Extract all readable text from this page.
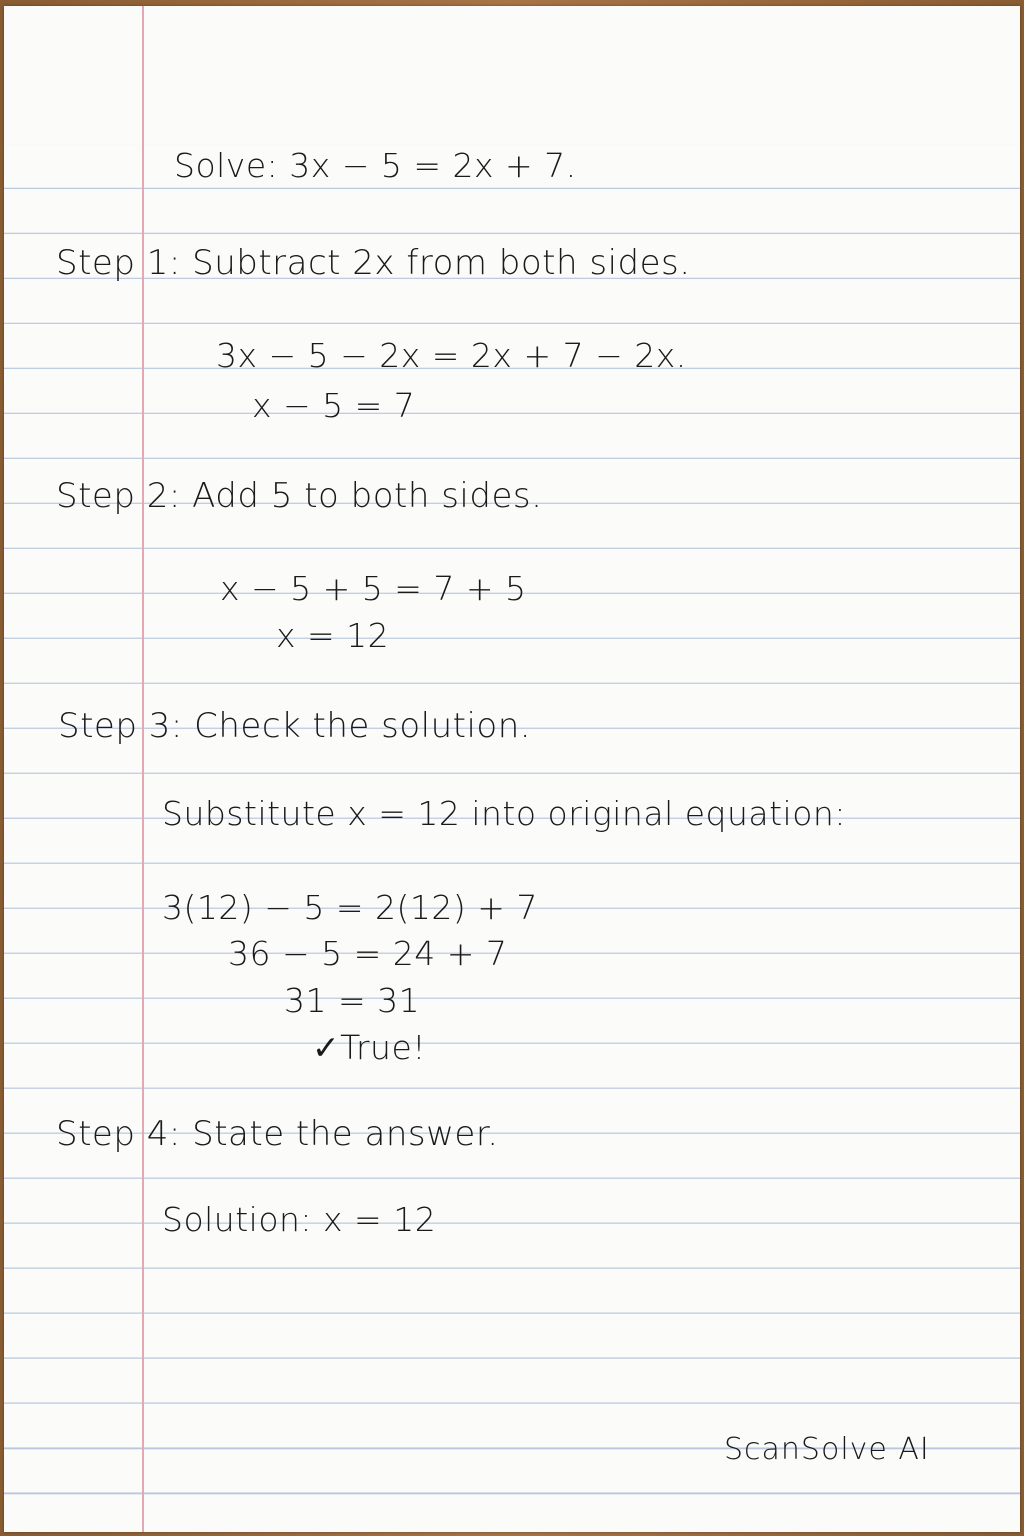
Solve: 3x − 5 = 2x + 7.
Step 1: Subtract 2x from both sides.
3x − 5 − 2x = 2x + 7 − 2x.
x − 5 = 7
Step 2: Add 5 to both sides.
x − 5 + 5 = 7 + 5
x = 12
Step 3: Check the solution.
Substitute x = 12 into original equation:
3(12) − 5 = 2(12) + 7
36 − 5 = 24 + 7
31 = 31
✓True!
Step 4: State the answer.
Solution: x = 12
ScanSolve AI
